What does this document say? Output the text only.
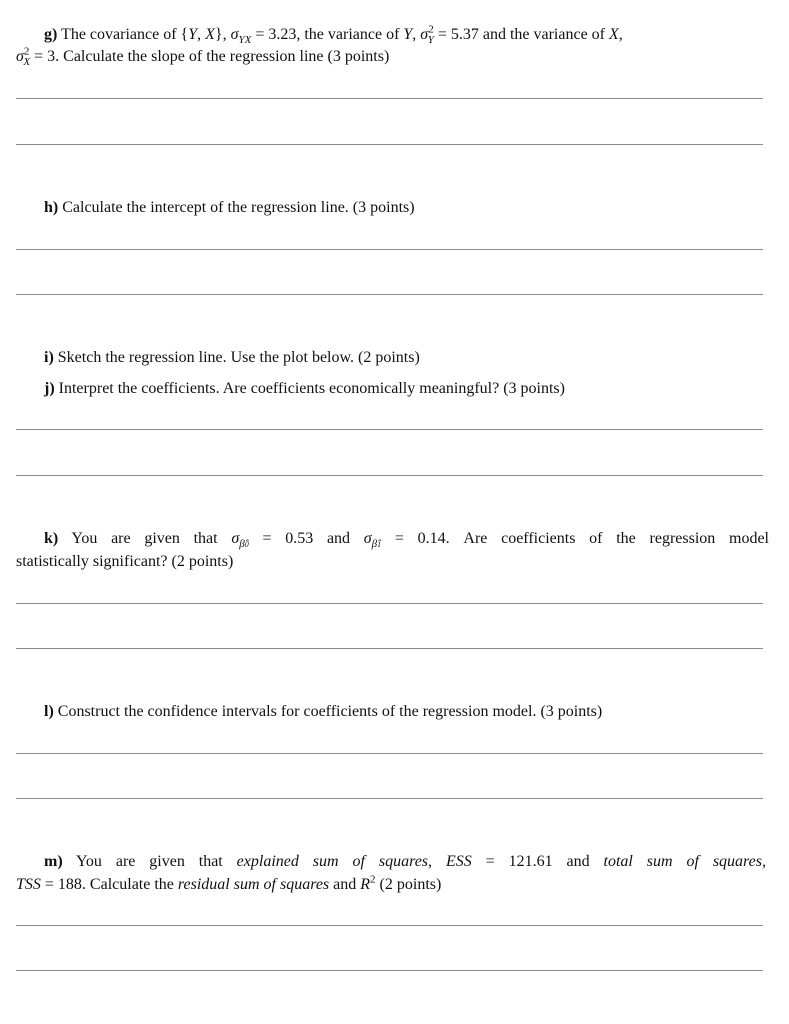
g) The covariance of {Y, X}, $\sigma_{YX} = 3.23$, the variance of Y, $\sigma^2_Y = 5.37$ and the variance of X,
$\sigma^2_X = 3$. Calculate the slope of the regression line (3 points)
h) Calculate the intercept of the regression line. (3 points)
i) Sketch the regression line. Use the plot below. (2 points)
j) Interpret the coefficients. Are coefficients economically meaningful? (3 points)
k) You are given that $\sigma_{\betâ0} = 0.53$ and $\sigma_{\betâ1} = 0.14$. Are coefficients of the regression model
statistically significant? (2 points)
l) Construct the confidence intervals for coefficients of the regression model. (3 points)
m) You are given that explained sum of squares, ESS = 121.61 and total sum of squares,
TSS = 188. Calculate the residual sum of squares and $R^2$ (2 points)
